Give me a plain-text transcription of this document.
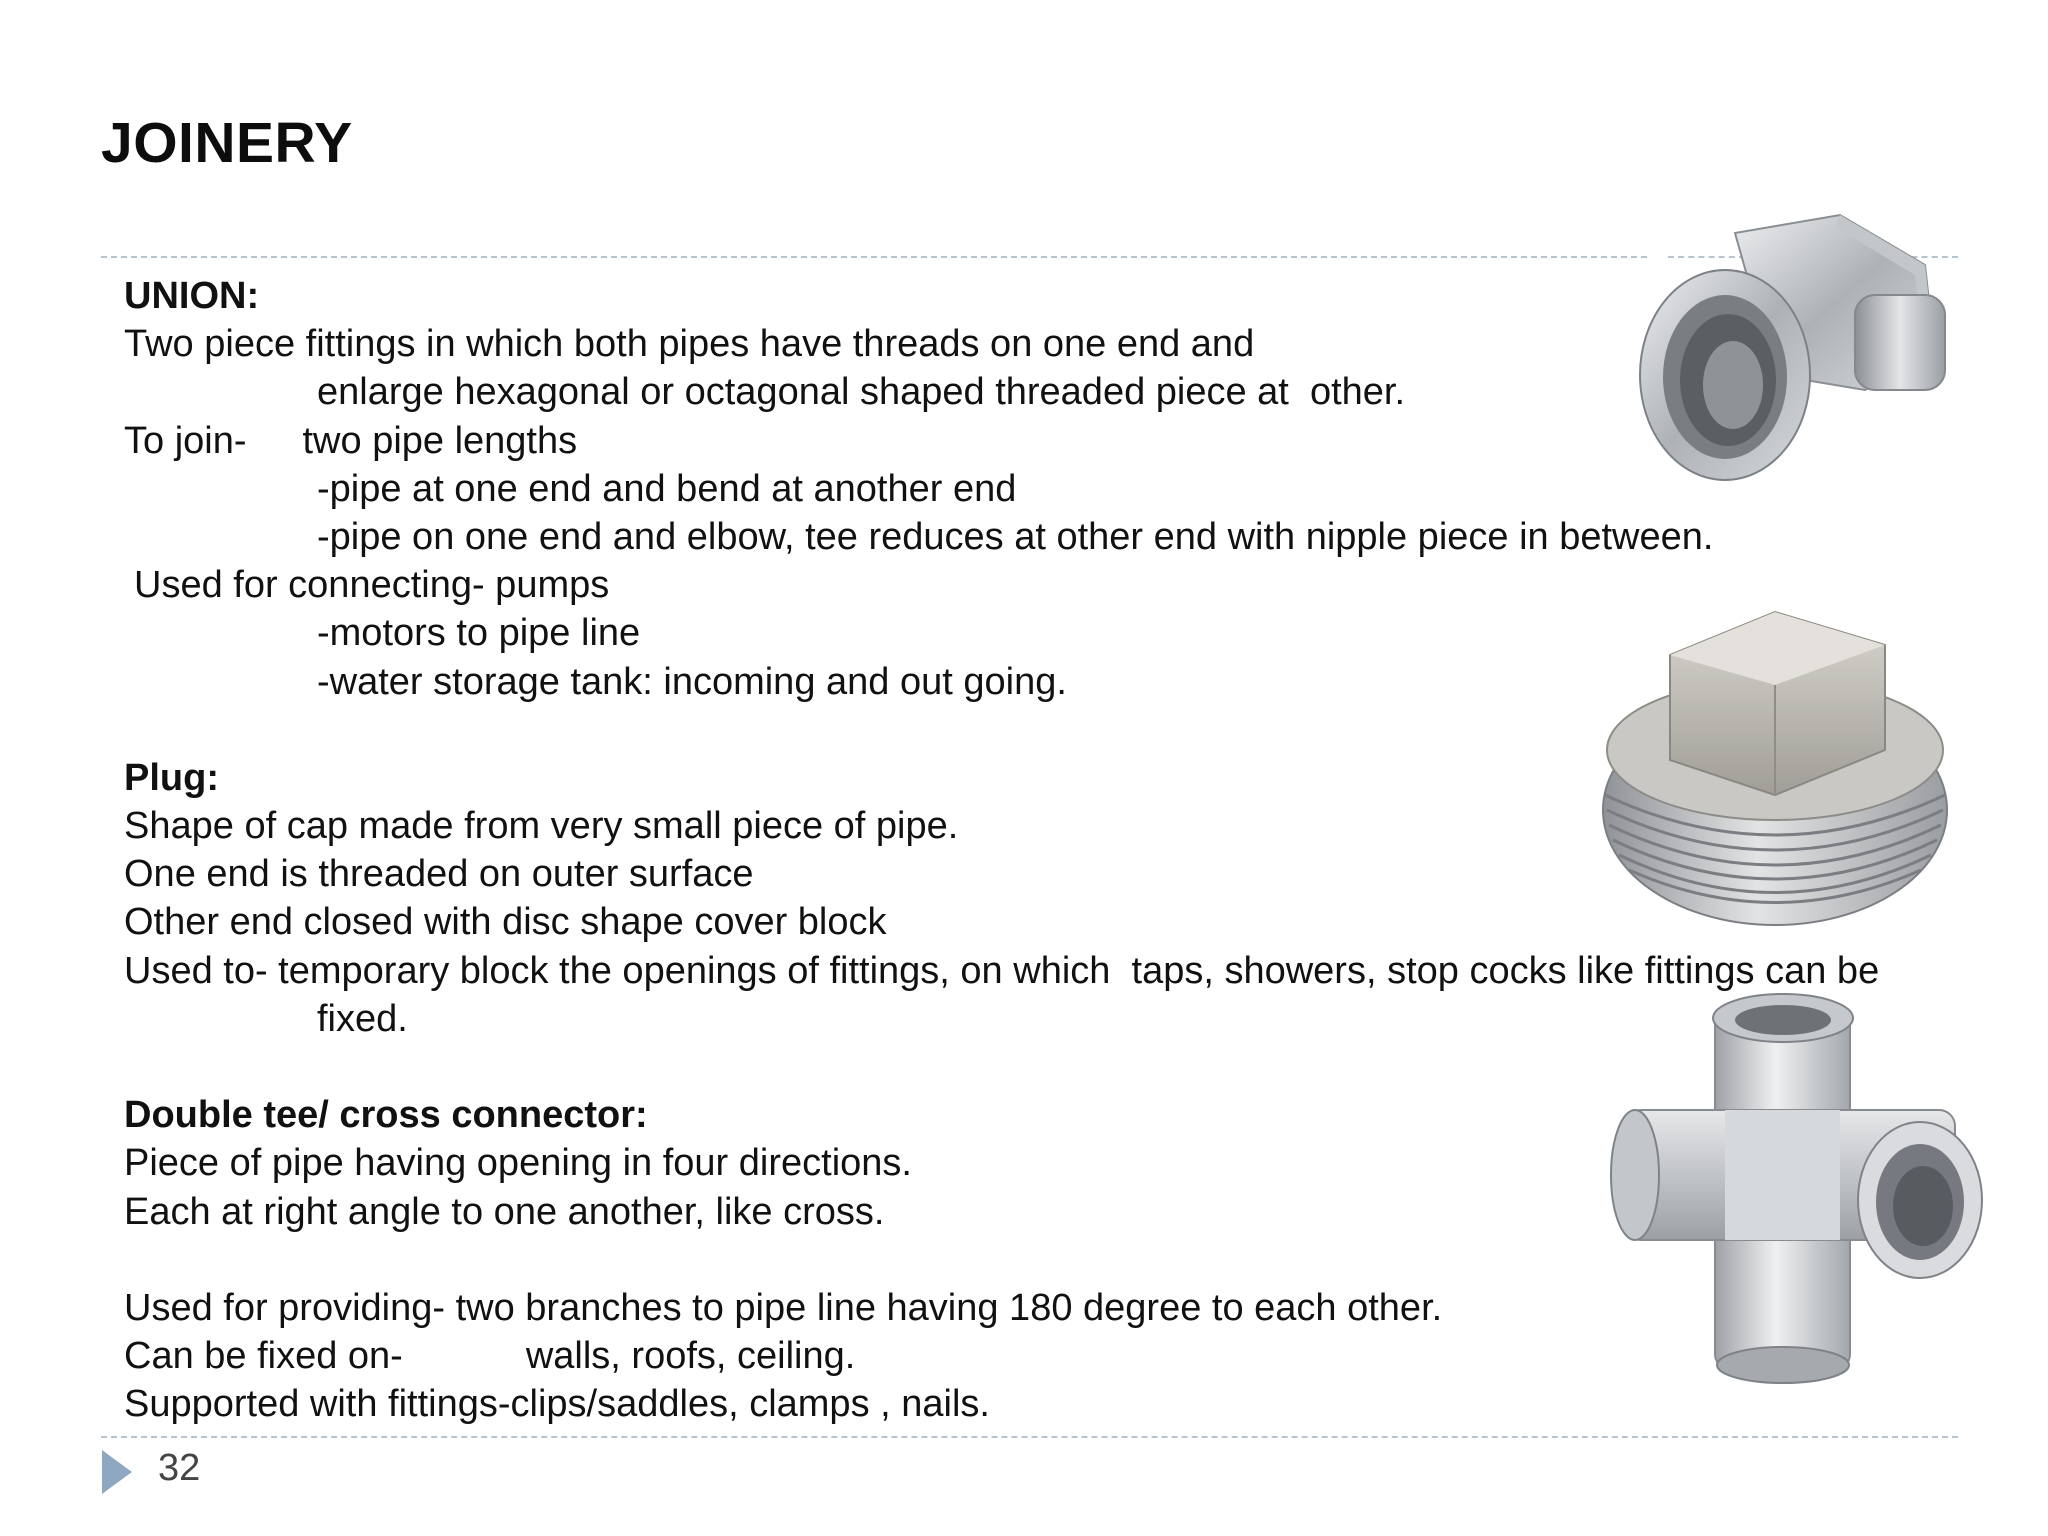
JOINERY
UNION:
Two piece fittings in which both pipes have threads on one end and
enlarge hexagonal or octagonal shaped threaded piece at  other.
To join- two pipe lengths
-pipe at one end and bend at another end
-pipe on one end and elbow, tee reduces at other end with nipple piece in between.
Used for connecting- pumps
-motors to pipe line
-water storage tank: incoming and out going.
Plug:
Shape of cap made from very small piece of pipe.
One end is threaded on outer surface
Other end closed with disc shape cover block
Used to- temporary block the openings of fittings, on which  taps, showers, stop cocks like fittings can be
fixed.
Double tee/ cross connector:
Piece of pipe having opening in four directions.
Each at right angle to one another, like cross.
Used for providing- two branches to pipe line having 180 degree to each other.
Can be fixed on-	walls, roofs, ceiling.
Supported with fittings-clips/saddles, clamps , nails.
32
